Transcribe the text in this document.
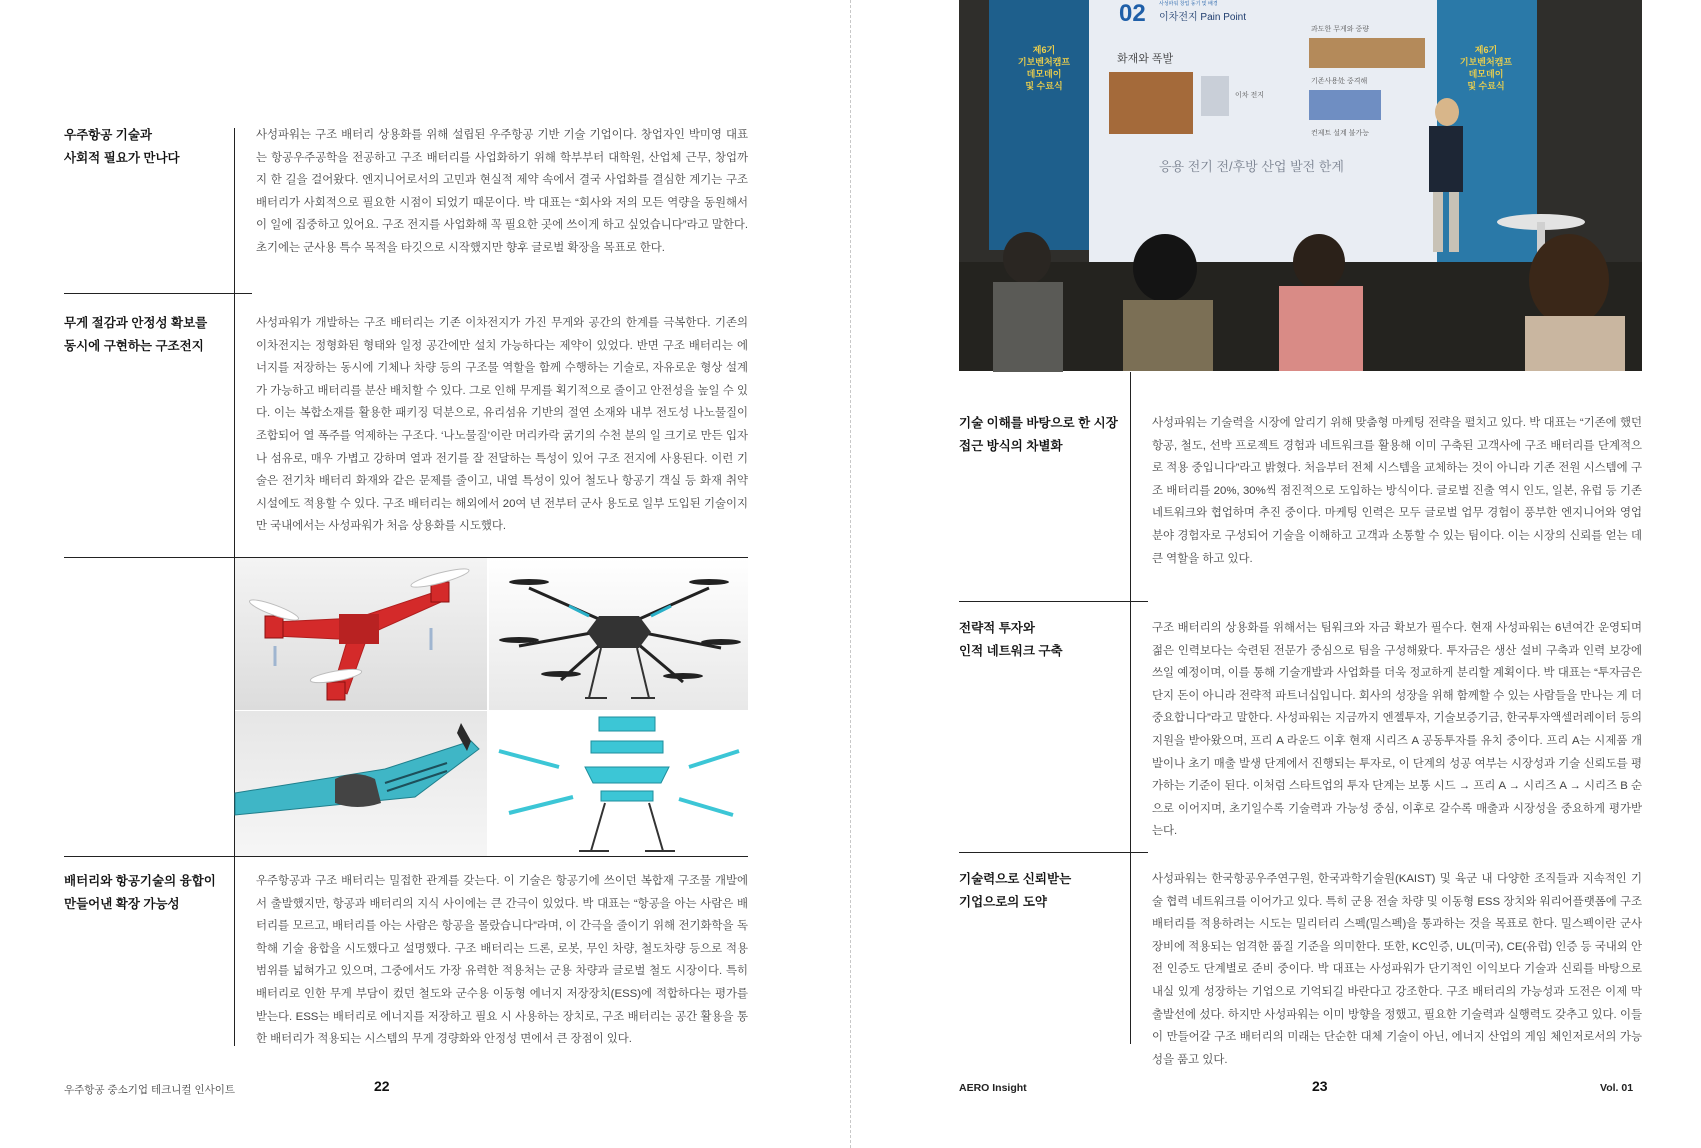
우주항공 기술과
사회적 필요가 만나다
사성파워는 구조 배터리 상용화를 위해 설립된 우주항공 기반 기술 기업이다. 창업자인 박미영 대표는 항공우주공학을 전공하고 구조 배터리를 사업화하기 위해 학부부터 대학원, 산업체 근무, 창업까지 한 길을 걸어왔다. 엔지니어로서의 고민과 현실적 제약 속에서 결국 사업화를 결심한 계기는 구조 배터리가 사회적으로 필요한 시점이 되었기 때문이다. 박 대표는 “회사와 저의 모든 역량을 동원해서 이 일에 집중하고 있어요. 구조 전지를 사업화해 꼭 필요한 곳에 쓰이게 하고 싶었습니다”라고 말한다. 초기에는 군사용 특수 목적을 타깃으로 시작했지만 향후 글로벌 확장을 목표로 한다.
무게 절감과 안정성 확보를
동시에 구현하는 구조전지
사성파워가 개발하는 구조 배터리는 기존 이차전지가 가진 무게와 공간의 한계를 극복한다. 기존의 이차전지는 정형화된 형태와 일정 공간에만 설치 가능하다는 제약이 있었다. 반면 구조 배터리는 에너지를 저장하는 동시에 기체나 차량 등의 구조물 역할을 함께 수행하는 기술로, 자유로운 형상 설계가 가능하고 배터리를 분산 배치할 수 있다. 그로 인해 무게를 획기적으로 줄이고 안전성을 높일 수 있다. 이는 복합소재를 활용한 패키징 덕분으로, 유리섬유 기반의 절연 소재와 내부 전도성 나노물질이 조합되어 열 폭주를 억제하는 구조다. ‘나노물질’이란 머리카락 굵기의 수천 분의 일 크기로 만든 입자나 섬유로, 매우 가볍고 강하며 열과 전기를 잘 전달하는 특성이 있어 구조 전지에 사용된다. 이런 기술은 전기차 배터리 화재와 같은 문제를 줄이고, 내열 특성이 있어 철도나 항공기 객실 등 화재 취약 시설에도 적용할 수 있다. 구조 배터리는 해외에서 20여 년 전부터 군사 용도로 일부 도입된 기술이지만 국내에서는 사성파워가 처음 상용화를 시도했다.
배터리와 항공기술의 융합이
만들어낸 확장 가능성
우주항공과 구조 배터리는 밀접한 관계를 갖는다. 이 기술은 항공기에 쓰이던 복합재 구조물 개발에서 출발했지만, 항공과 배터리의 지식 사이에는 큰 간극이 있었다. 박 대표는 “항공을 아는 사람은 배터리를 모르고, 배터리를 아는 사람은 항공을 몰랐습니다”라며, 이 간극을 줄이기 위해 전기화학을 독학해 기술 융합을 시도했다고 설명했다. 구조 배터리는 드론, 로봇, 무인 차량, 철도차량 등으로 적용 범위를 넓혀가고 있으며, 그중에서도 가장 유력한 적용처는 군용 차량과 글로벌 철도 시장이다. 특히 배터리로 인한 무게 부담이 컸던 철도와 군수용 이동형 에너지 저장장치(ESS)에 적합하다는 평가를 받는다. ESS는 배터리로 에너지를 저장하고 필요 시 사용하는 장치로, 구조 배터리는 공간 활용을 통한 배터리가 적용되는 시스템의 무게 경량화와 안정성 면에서 큰 장점이 있다.
우주항공 중소기업 테크니컬 인사이트	22
02	사성파워 창업 동기 및 배경
이차전지 Pain Point
화재와 폭발
과도한 무게와 중량
기존사용处 중격해
컨제트 설계 불가능
이차 전지
응용 전기 전/후방 산업 발전 한계
제6기
기보벤처캠프
데모데이
및 수료식
제6기
기보벤처캠프
데모데이
및 수료식
기술 이해를 바탕으로 한 시장
접근 방식의 차별화
사성파워는 기술력을 시장에 알리기 위해 맞춤형 마케팅 전략을 펼치고 있다. 박 대표는 “기존에 했던 항공, 철도, 선박 프로젝트 경험과 네트워크를 활용해 이미 구축된 고객사에 구조 배터리를 단계적으로 적용 중입니다”라고 밝혔다. 처음부터 전체 시스템을 교체하는 것이 아니라 기존 전원 시스템에 구조 배터리를 20%, 30%씩 점진적으로 도입하는 방식이다. 글로벌 진출 역시 인도, 일본, 유럽 등 기존 네트워크와 협업하며 추진 중이다. 마케팅 인력은 모두 글로벌 업무 경험이 풍부한 엔지니어와 영업 분야 경험자로 구성되어 기술을 이해하고 고객과 소통할 수 있는 팀이다. 이는 시장의 신뢰를 얻는 데 큰 역할을 하고 있다.
전략적 투자와
인적 네트워크 구축
구조 배터리의 상용화를 위해서는 팀워크와 자금 확보가 필수다. 현재 사성파워는 6년여간 운영되며 젊은 인력보다는 숙련된 전문가 중심으로 팀을 구성해왔다. 투자금은 생산 설비 구축과 인력 보강에 쓰일 예정이며, 이를 통해 기술개발과 사업화를 더욱 정교하게 분리할 계획이다. 박 대표는 “투자금은 단지 돈이 아니라 전략적 파트너십입니다. 회사의 성장을 위해 함께할 수 있는 사람들을 만나는 게 더 중요합니다”라고 말한다. 사성파워는 지금까지 엔젤투자, 기술보증기금, 한국투자액셀러레이터 등의 지원을 받아왔으며, 프리 A 라운드 이후 현재 시리즈 A 공동투자를 유치 중이다. 프리 A는 시제품 개발이나 초기 매출 발생 단계에서 진행되는 투자로, 이 단계의 성공 여부는 시장성과 기술 신뢰도를 평가하는 기준이 된다. 이처럼 스타트업의 투자 단계는 보통 시드 → 프리 A → 시리즈 A → 시리즈 B 순으로 이어지며, 초기일수록 기술력과 가능성 중심, 이후로 갈수록 매출과 시장성을 중요하게 평가받는다.
기술력으로 신뢰받는
기업으로의 도약
사성파워는 한국항공우주연구원, 한국과학기술원(KAIST) 및 육군 내 다양한 조직들과 지속적인 기술 협력 네트워크를 이어가고 있다. 특히 군용 전술 차량 및 이동형 ESS 장치와 워리어플랫폼에 구조 배터리를 적용하려는 시도는 밀리터리 스펙(밀스펙)을 통과하는 것을 목표로 한다. 밀스펙이란 군사 장비에 적용되는 엄격한 품질 기준을 의미한다. 또한, KC인증, UL(미국), CE(유럽) 인증 등 국내외 안전 인증도 단계별로 준비 중이다. 박 대표는 사성파워가 단기적인 이익보다 기술과 신뢰를 바탕으로 내실 있게 성장하는 기업으로 기억되길 바란다고 강조한다. 구조 배터리의 가능성과 도전은 이제 막 출발선에 섰다. 하지만 사성파워는 이미 방향을 정했고, 필요한 기술력과 실행력도 갖추고 있다. 이들이 만들어갈 구조 배터리의 미래는 단순한 대체 기술이 아닌, 에너지 산업의 게임 체인저로서의 가능성을 품고 있다.
AERO Insight	23	Vol. 01
